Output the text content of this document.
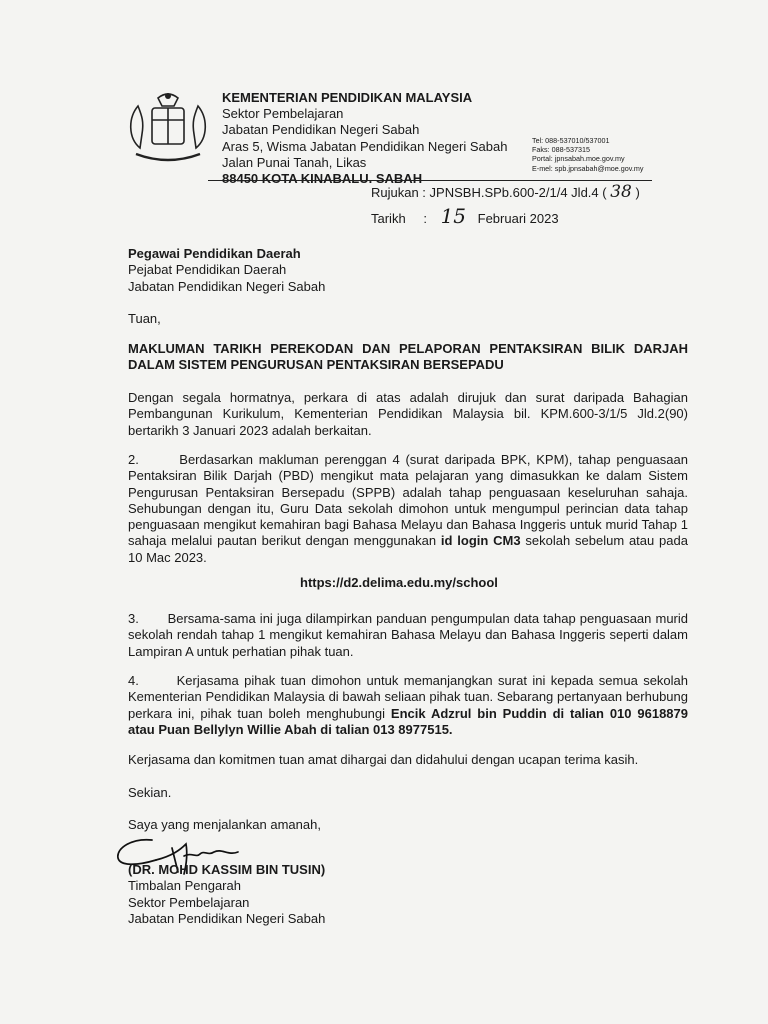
KEMENTERIAN PENDIDIKAN MALAYSIA
Sektor Pembelajaran
Jabatan Pendidikan Negeri Sabah
Aras 5, Wisma Jabatan Pendidikan Negeri Sabah
Jalan Punai Tanah, Likas
88450 KOTA KINABALU. SABAH
Tel: 088-537010/537001
Faks: 088-537315
Portal: jpnsabah.moe.gov.my
E-mel: spb.jpnsabah@moe.gov.my
Rujukan : JPNSBH.SPb.600-2/1/4 Jld.4 ( 38 )
Tarikh : 15 Februari 2023
Pegawai Pendidikan Daerah
Pejabat Pendidikan Daerah
Jabatan Pendidikan Negeri Sabah
Tuan,
MAKLUMAN TARIKH PEREKODAN DAN PELAPORAN PENTAKSIRAN BILIK DARJAH DALAM SISTEM PENGURUSAN PENTAKSIRAN BERSEPADU
Dengan segala hormatnya, perkara di atas adalah dirujuk dan surat daripada Bahagian Pembangunan Kurikulum, Kementerian Pendidikan Malaysia bil. KPM.600-3/1/5 Jld.2(90) bertarikh 3 Januari 2023 adalah berkaitan.
2.       Berdasarkan makluman perenggan 4 (surat daripada BPK, KPM), tahap penguasaan Pentaksiran Bilik Darjah (PBD) mengikut mata pelajaran yang dimasukkan ke dalam Sistem Pengurusan Pentaksiran Bersepadu (SPPB) adalah tahap penguasaan keseluruhan sahaja. Sehubungan dengan itu, Guru Data sekolah dimohon untuk mengumpul perincian data tahap penguasaan mengikut kemahiran bagi Bahasa Melayu dan Bahasa Inggeris untuk murid Tahap 1 sahaja melalui pautan berikut dengan menggunakan id login CM3 sekolah sebelum atau pada 10 Mac 2023.
https://d2.delima.edu.my/school
3.       Bersama-sama ini juga dilampirkan panduan pengumpulan data tahap penguasaan murid sekolah rendah tahap 1 mengikut kemahiran Bahasa Melayu dan Bahasa Inggeris seperti dalam Lampiran A untuk perhatian pihak tuan.
4.       Kerjasama pihak tuan dimohon untuk memanjangkan surat ini kepada semua sekolah Kementerian Pendidikan Malaysia di bawah seliaan pihak tuan. Sebarang pertanyaan berhubung perkara ini, pihak tuan boleh menghubungi Encik Adzrul bin Puddin di talian 010 9618879 atau Puan Bellylyn Willie Abah di talian 013 8977515.
Kerjasama dan komitmen tuan amat dihargai dan didahului dengan ucapan terima kasih.
Sekian.
Saya yang menjalankan amanah,
(DR. MOHD KASSIM BIN TUSIN)
Timbalan Pengarah
Sektor Pembelajaran
Jabatan Pendidikan Negeri Sabah
